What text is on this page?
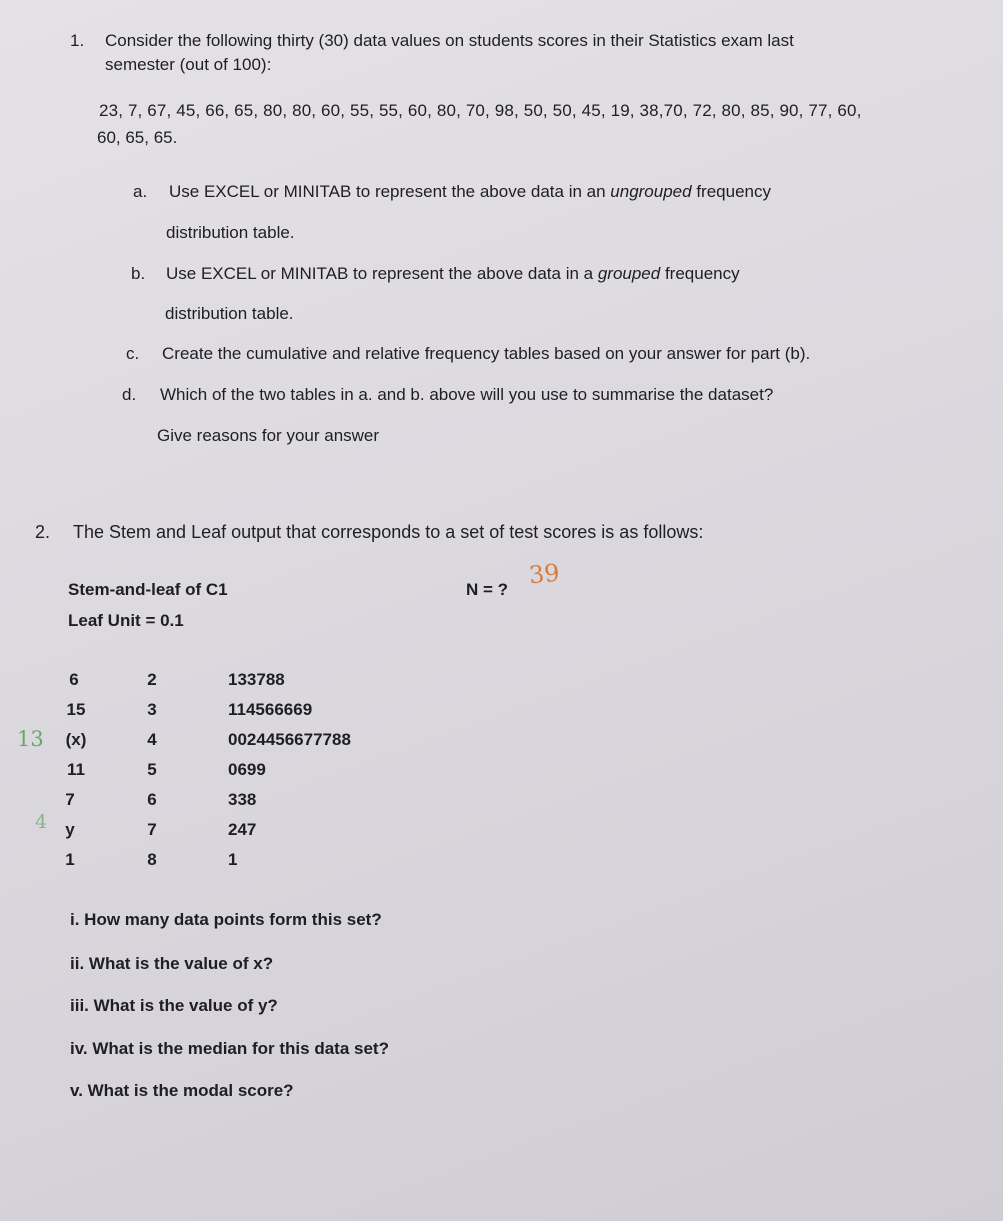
1. Consider the following thirty (30) data values on students scores in their Statistics exam last
semester (out of 100):
23, 7, 67, 45, 66, 65, 80, 80, 60, 55, 55, 60, 80, 70, 98, 50, 50, 45, 19, 38,70, 72, 80, 85, 90, 77, 60,
60, 65, 65.
a. Use EXCEL or MINITAB to represent the above data in an ungrouped frequency
distribution table.
b. Use EXCEL or MINITAB to represent the above data in a grouped frequency
distribution table.
c. Create the cumulative and relative frequency tables based on your answer for part (b).
d. Which of the two tables in a. and b. above will you use to summarise the dataset?
Give reasons for your answer
2. The Stem and Leaf output that corresponds to a set of test scores is as follows:
Stem-and-leaf of C1
Leaf Unit = 0.1
N = ? 39
6	2	133788
15	3	114566669
(x)	4	0024456677788
11	5	0699
7	6	338
y	7	247
1	8	1
13
4
i. How many data points form this set?
ii. What is the value of x?
iii. What is the value of y?
iv. What is the median for this data set?
v. What is the modal score?
